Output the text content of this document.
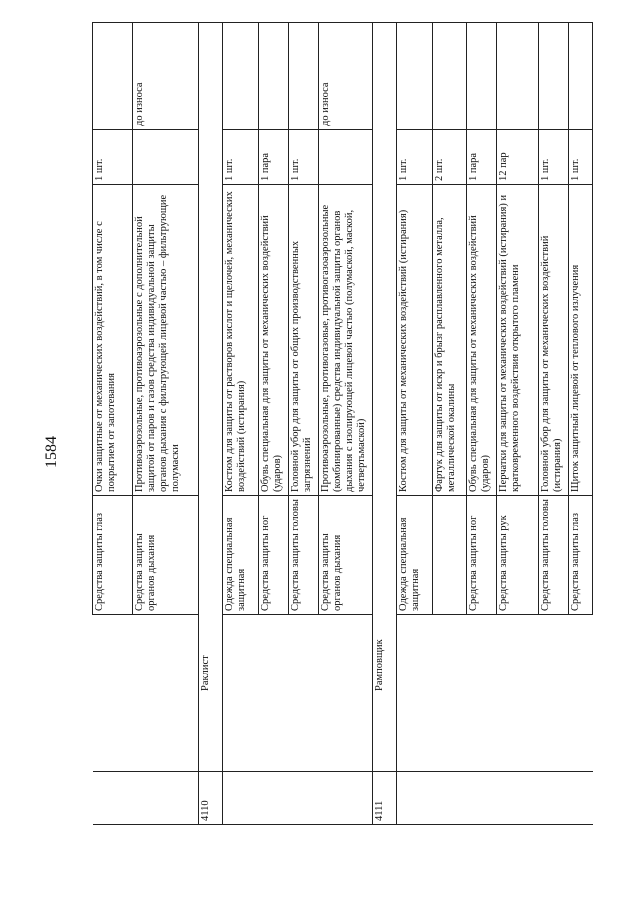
1584
		Средства защиты глаз	Очки защитные от механических воздействий, в том числе с покрытием от запотевания	1 шт.	
		Средства защиты органов дыхания	Противоаэрозольные, противоаэрозольные с дополнительной защитой от паров и газов средства индивидуальной защиты органов дыхания с фильтрующей лицевой частью – фильтрующие полумаски		до износа
4110	Раклист				
		Одежда специальная защитная	Костюм для защиты от растворов кислот и щелочей, механических воздействий (истирания)	1 шт.	
		Средства защиты ног	Обувь специальная для защиты от механических воздействий (ударов)	1 пара	
		Средства защиты головы	Головной убор для защиты от общих производственных загрязнений	1 шт.	
		Средства защиты органов дыхания	Противоаэрозольные, противогазовые, противогазоаэрозольные (комбинированные) средства индивидуальной защиты органов дыхания с изолирующей лицевой частью (полумаской, маской, четвертьмаской)		до износа
4111	Рамповщик				
		Одежда специальная защитная	Костюм для защиты от механических воздействий (истирания)	1 шт.	
			Фартук для защиты от искр и брызг расплавленного металла, металлической окалины	2 шт.	
		Средства защиты ног	Обувь специальная для защиты от механических воздействий (ударов)	1 пара	
		Средства защиты рук	Перчатки для защиты от механических воздействий (истирания) и кратковременного воздействия открытого пламени	12 пар	
		Средства защиты головы	Головной убор для защиты от механических воздействий (истирания)	1 шт.	
		Средства защиты глаз	Щиток защитный лицевой от теплового излучения	1 шт.	
